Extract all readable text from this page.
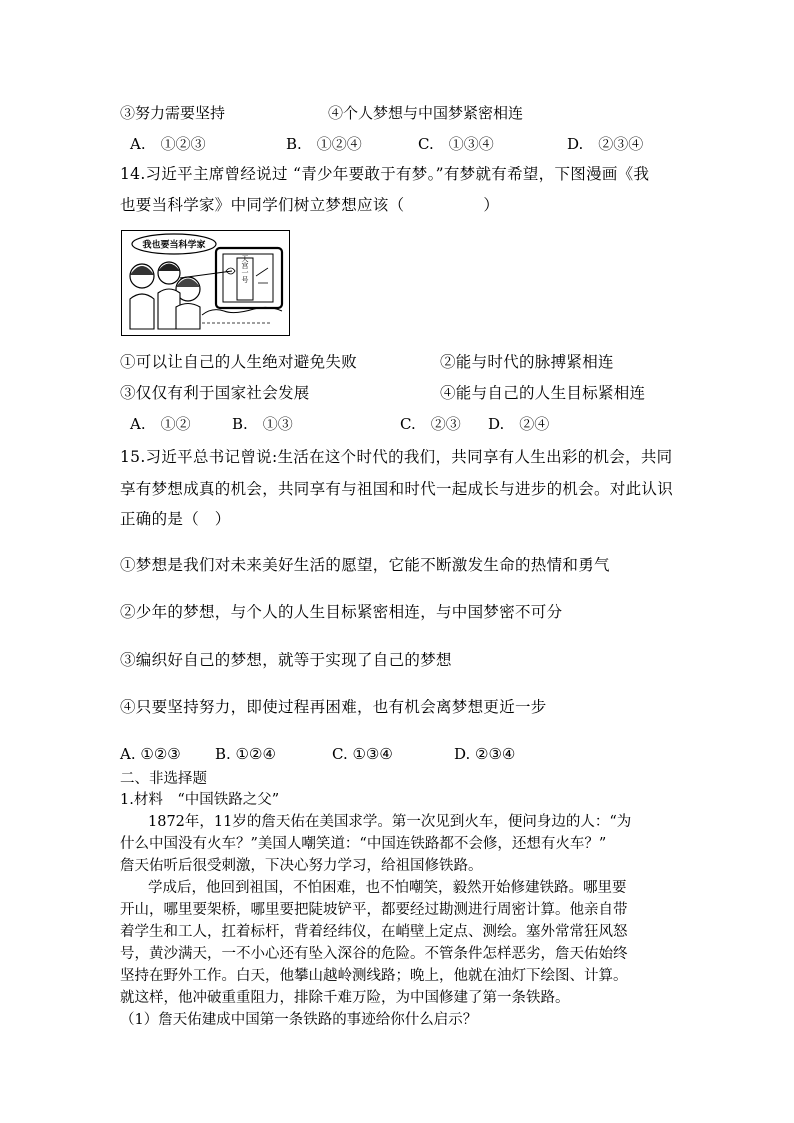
③努力需要坚持	④个人梦想与中国梦紧密相连
A.　①②③	B.　①②④	C.　①③④	D.　②③④
14.习近平主席曾经说过 “青少年要敢于有梦。”有梦就有希望，下图漫画《我
也要当科学家》中同学们树立梦想应该（　　　　　）
我也要当科学家
天宫一号
①可以让自己的人生绝对避免失败	②能与时代的脉搏紧相连
③仅仅有利于国家社会发展	④能与自己的人生目标紧相连
A.　①②	B.　①③	C.　②③ D.　②④
15.习近平总书记曾说:生活在这个时代的我们，共同享有人生出彩的机会，共同
享有梦想成真的机会，共同享有与祖国和时代一起成长与进步的机会。对此认识
正确的是（　）
①梦想是我们对未来美好生活的愿望，它能不断激发生命的热情和勇气
②少年的梦想，与个人的人生目标紧密相连，与中国梦密不可分
③编织好自己的梦想，就等于实现了自己的梦想
④只要坚持努力，即使过程再困难，也有机会离梦想更近一步
A. ①②③ B. ①②④	C. ①③④	D. ②③④
二、非选择题
1.材料　“中国铁路之父”
1872年，11岁的詹天佑在美国求学。第一次见到火车，便问身边的人：“为
什么中国没有火车？”美国人嘲笑道：“中国连铁路都不会修，还想有火车？”
詹天佑听后很受刺激，下决心努力学习，给祖国修铁路。
学成后，他回到祖国，不怕困难，也不怕嘲笑，毅然开始修建铁路。哪里要
开山，哪里要架桥，哪里要把陡坡铲平，都要经过勘测进行周密计算。他亲自带
着学生和工人，扛着标杆，背着经纬仪，在峭壁上定点、测绘。塞外常常狂风怒
号，黄沙满天，一不小心还有坠入深谷的危险。不管条件怎样恶劣，詹天佑始终
坚持在野外工作。白天，他攀山越岭测线路；晚上，他就在油灯下绘图、计算。
就这样，他冲破重重阻力，排除千难万险，为中国修建了第一条铁路。
（1）詹天佑建成中国第一条铁路的事迹给你什么启示？
